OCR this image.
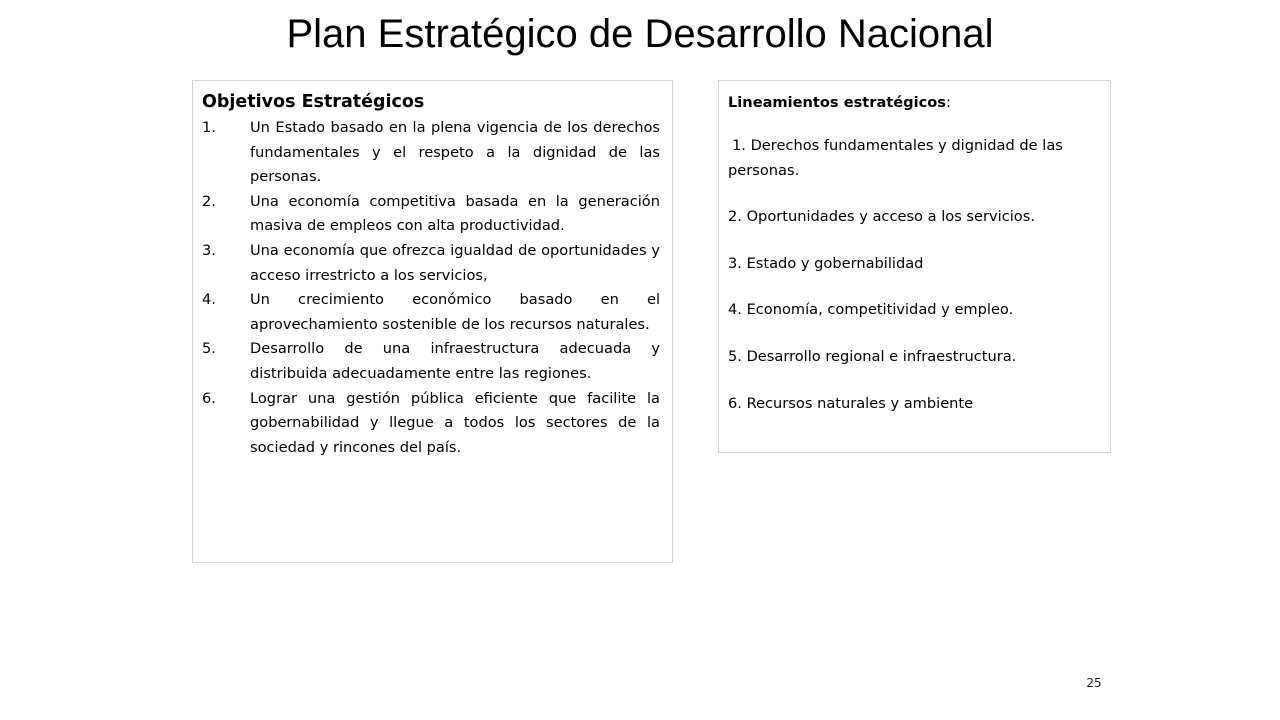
Plan Estratégico de Desarrollo Nacional
Objetivos Estratégicos
1.	Un Estado basado en la plena vigencia de los derechos fundamentales y el respeto a la dignidad de las personas.
2.	Una economía competitiva basada en la generación masiva de empleos con alta productividad.
3.	Una economía que ofrezca igualdad de oportunidades y acceso irrestricto a los servicios,
4.	Un crecimiento económico basado en el aprovechamiento sostenible de los recursos naturales.
5.	Desarrollo de una infraestructura adecuada y distribuida adecuadamente entre las regiones.
6.	Lograr una gestión pública eficiente que facilite la gobernabilidad y llegue a todos los sectores de la sociedad y rincones del país.
Lineamientos estratégicos:
1. Derechos fundamentales y dignidad de las personas.
2. Oportunidades y acceso a los servicios.
3. Estado y gobernabilidad
4. Economía, competitividad y empleo.
5. Desarrollo regional e infraestructura.
6. Recursos naturales y ambiente
25
